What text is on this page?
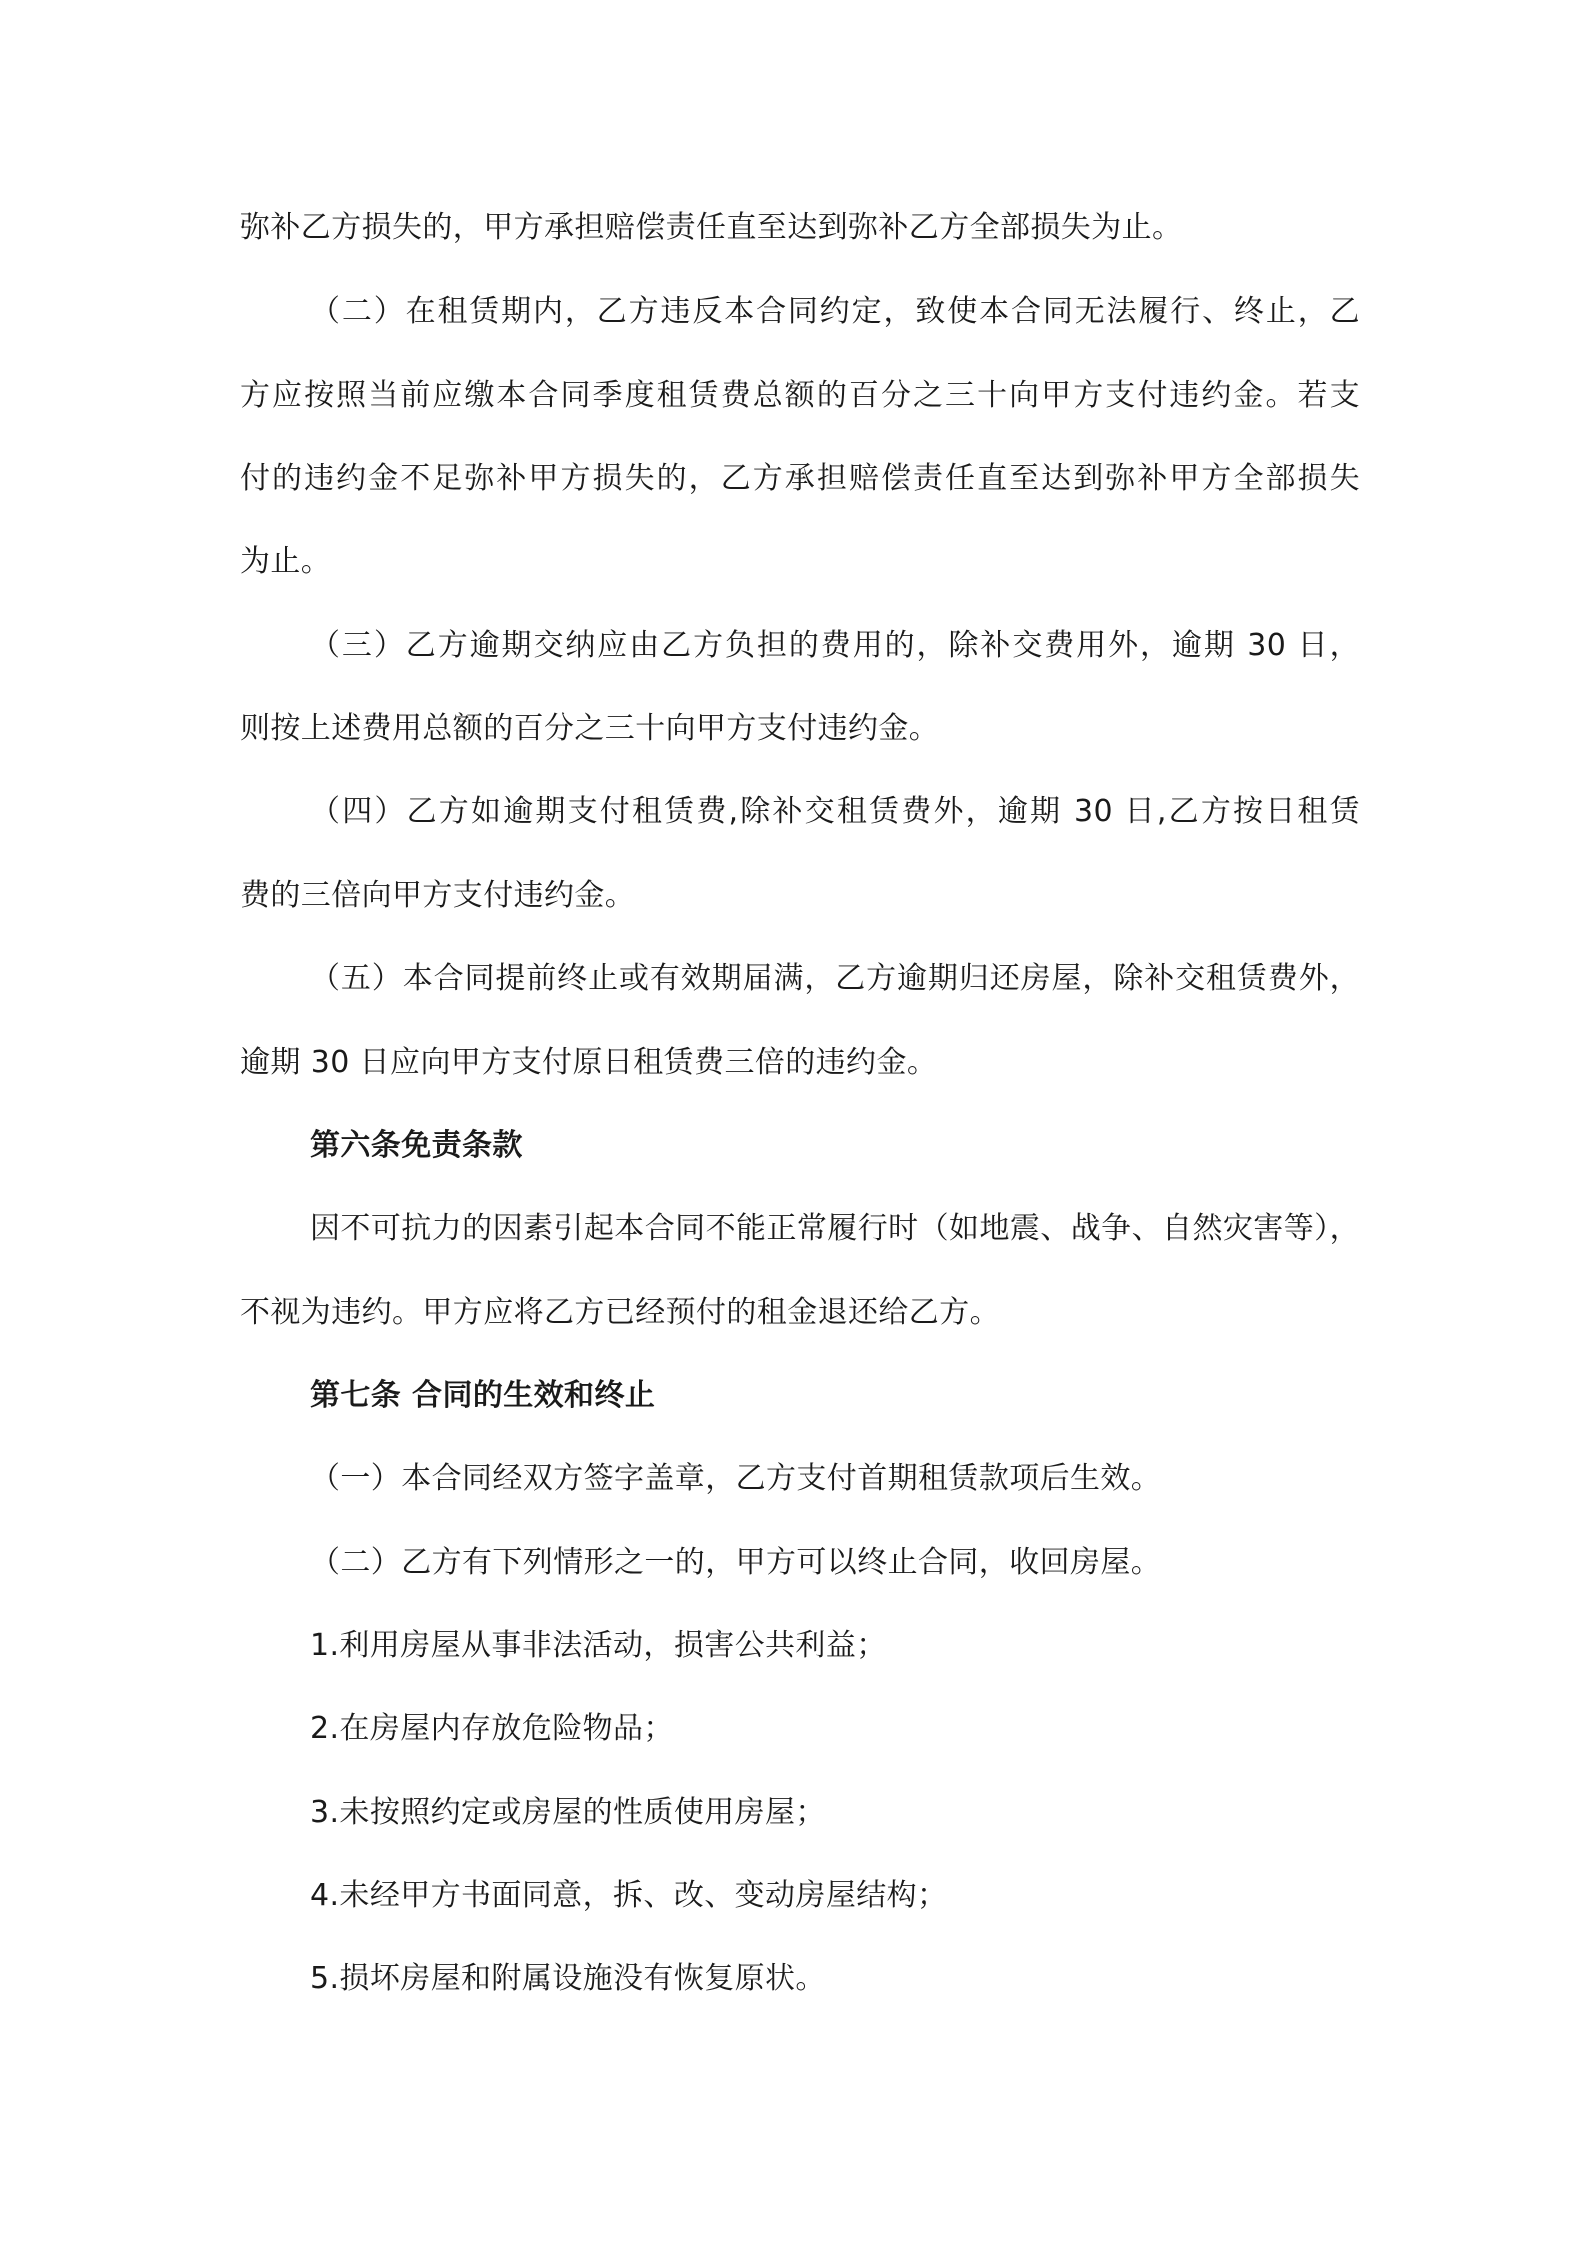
弥补乙方损失的，甲方承担赔偿责任直至达到弥补乙方全部损失为止。
（二）在租赁期内，乙方违反本合同约定，致使本合同无法履行、终止，乙
方应按照当前应缴本合同季度租赁费总额的百分之三十向甲方支付违约金。若支
付的违约金不足弥补甲方损失的，乙方承担赔偿责任直至达到弥补甲方全部损失
为止。
（三）乙方逾期交纳应由乙方负担的费用的，除补交费用外，逾期 30 日，
则按上述费用总额的百分之三十向甲方支付违约金。
（四）乙方如逾期支付租赁费,除补交租赁费外，逾期 30 日,乙方按日租赁
费的三倍向甲方支付违约金。
（五）本合同提前终止或有效期届满，乙方逾期归还房屋，除补交租赁费外，
逾期 30 日应向甲方支付原日租赁费三倍的违约金。
第六条免责条款
因不可抗力的因素引起本合同不能正常履行时（如地震、战争、自然灾害等），
不视为违约。甲方应将乙方已经预付的租金退还给乙方。
第七条 合同的生效和终止
（一）本合同经双方签字盖章，乙方支付首期租赁款项后生效。
（二）乙方有下列情形之一的，甲方可以终止合同，收回房屋。
1.利用房屋从事非法活动，损害公共利益；
2.在房屋内存放危险物品；
3.未按照约定或房屋的性质使用房屋；
4.未经甲方书面同意，拆、改、变动房屋结构；
5.损坏房屋和附属设施没有恢复原状。
